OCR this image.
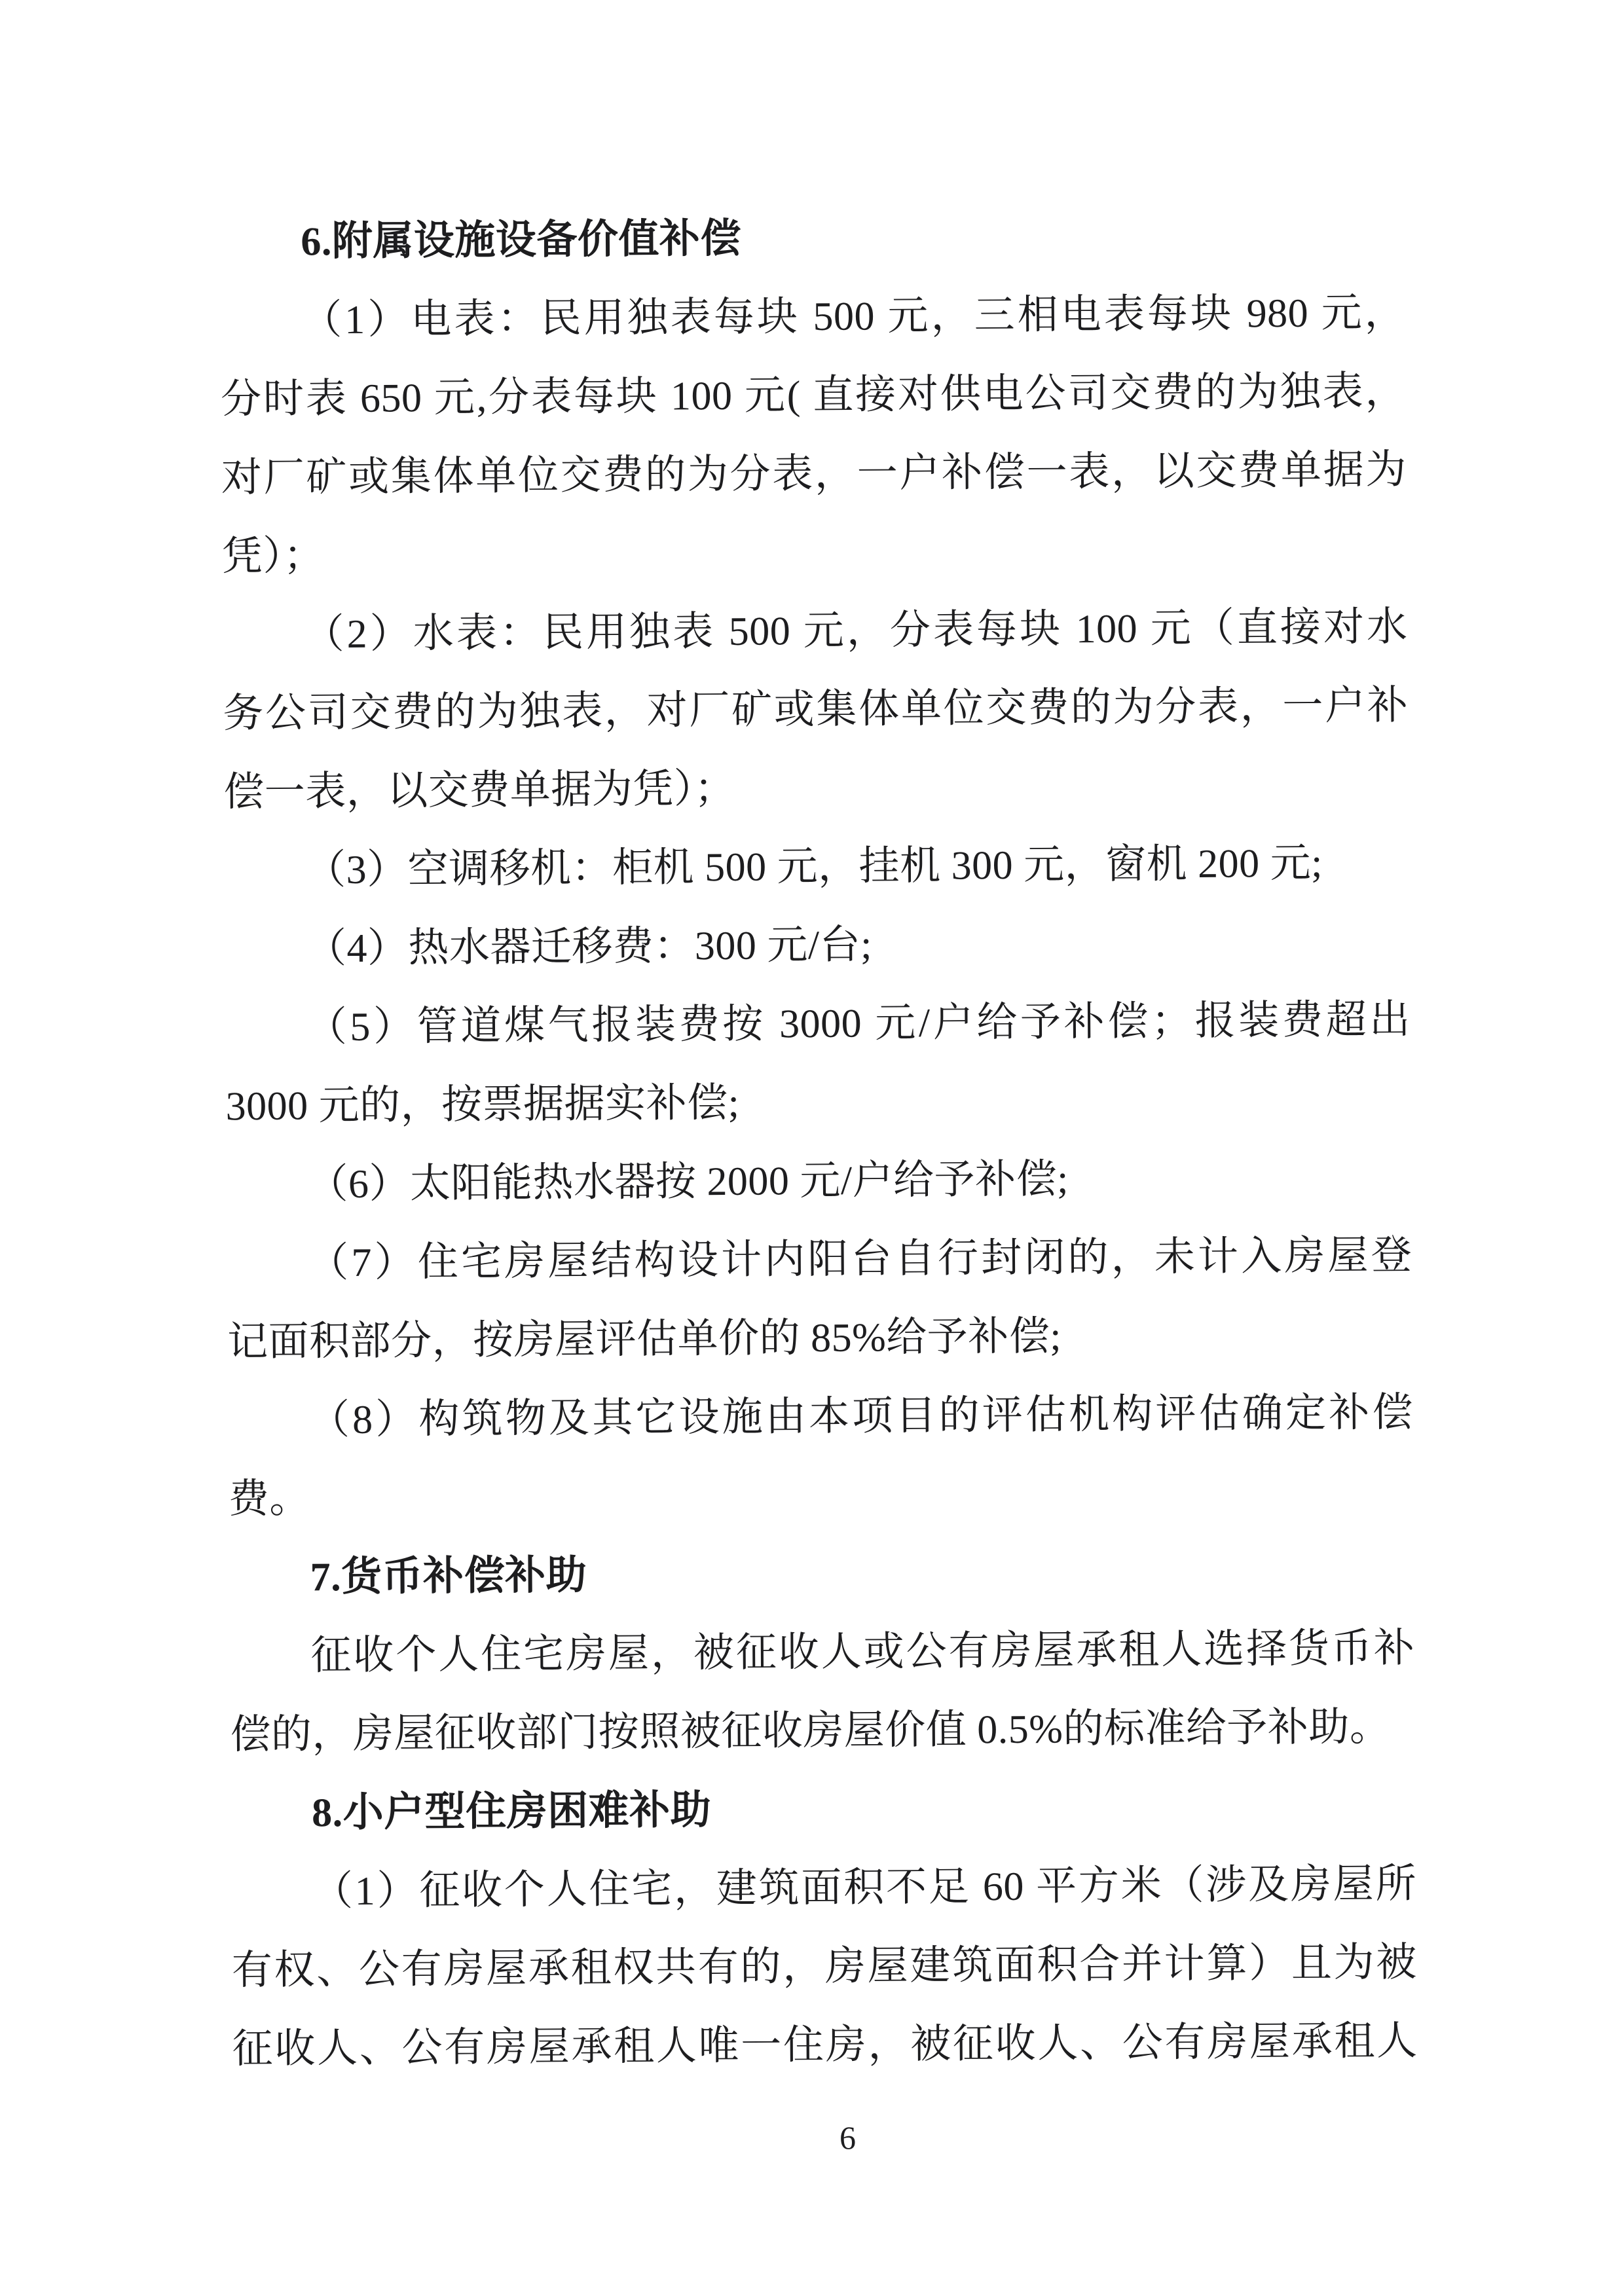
6.附属设施设备价值补偿
（1）电表：民用独表每块 500 元，三相电表每块 980 元，
分时表 650 元,分表每块 100 元( 直接对供电公司交费的为独表，
对厂矿或集体单位交费的为分表，一户补偿一表，以交费单据为
凭）；
（2）水表：民用独表 500 元，分表每块 100 元（直接对水
务公司交费的为独表，对厂矿或集体单位交费的为分表，一户补
偿一表，以交费单据为凭）；
（3）空调移机：柜机 500 元，挂机 300 元，窗机 200 元;
（4）热水器迁移费：300 元/台;
（5）管道煤气报装费按 3000 元/户给予补偿；报装费超出
3000 元的，按票据据实补偿;
（6）太阳能热水器按 2000 元/户给予补偿;
（7）住宅房屋结构设计内阳台自行封闭的，未计入房屋登
记面积部分，按房屋评估单价的 85%给予补偿;
（8）构筑物及其它设施由本项目的评估机构评估确定补偿
费。
7.货币补偿补助
征收个人住宅房屋，被征收人或公有房屋承租人选择货币补
偿的，房屋征收部门按照被征收房屋价值 0.5%的标准给予补助。
8.小户型住房困难补助
（1）征收个人住宅，建筑面积不足 60 平方米（涉及房屋所
有权、公有房屋承租权共有的，房屋建筑面积合并计算）且为被
征收人、公有房屋承租人唯一住房，被征收人、公有房屋承租人
6
